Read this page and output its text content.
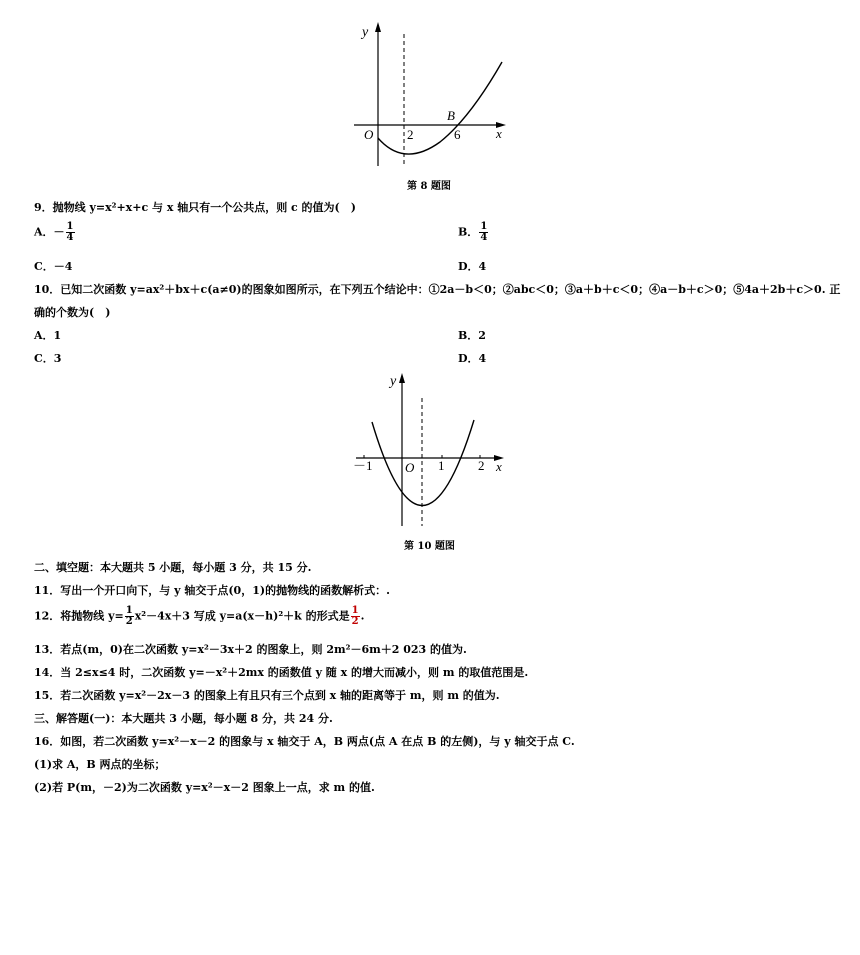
y
x
O	2	6
B
第 8 题图
9．抛物线 y=x²+x+c 与 x 轴只有一个公共点，则 c 的值为(　)
A．－ $\frac{1}{4}$	B． $\frac{1}{4}$
C．－4	D．4
10．已知二次函数 y=ax²＋bx＋c(a≠0)的图象如图所示，在下列五个结论中：①2a－b＜0；②abc＜0；③a＋b＋c＜0；④a－b＋c＞0；⑤4a＋2b＋c＞0. 正
确的个数为(　)
A．1	B．2
C．3	D．4
y
x
O
－1	1	2
第 10 题图
二、填空题：本大题共 5 小题，每小题 3 分，共 15 分.
11．写出一个开口向下，与 y 轴交于点(0，1)的抛物线的函数解析式：.
12．将抛物线 $y= \frac{1}{2} x^2-4x+3$ 写成 y=a(x－h)²＋k 的形式是 $\frac{1}{2}$ .
13．若点(m，0)在二次函数 y=x²－3x＋2 的图象上，则 2m²－6m＋2 023 的值为.
14．当 2≤x≤4 时，二次函数 y=－x²＋2mx 的函数值 y 随 x 的增大而减小，则 m 的取值范围是.
15．若二次函数 y=x²－2x－3 的图象上有且只有三个点到 x 轴的距离等于 m，则 m 的值为.
三、解答题(一)：本大题共 3 小题，每小题 8 分，共 24 分.
16．如图，若二次函数 y=x²－x－2 的图象与 x 轴交于 A，B 两点(点 A 在点 B 的左侧)，与 y 轴交于点 C.
(1)求 A，B 两点的坐标；
(2)若 P(m，－2)为二次函数 y=x²－x－2 图象上一点，求 m 的值.
